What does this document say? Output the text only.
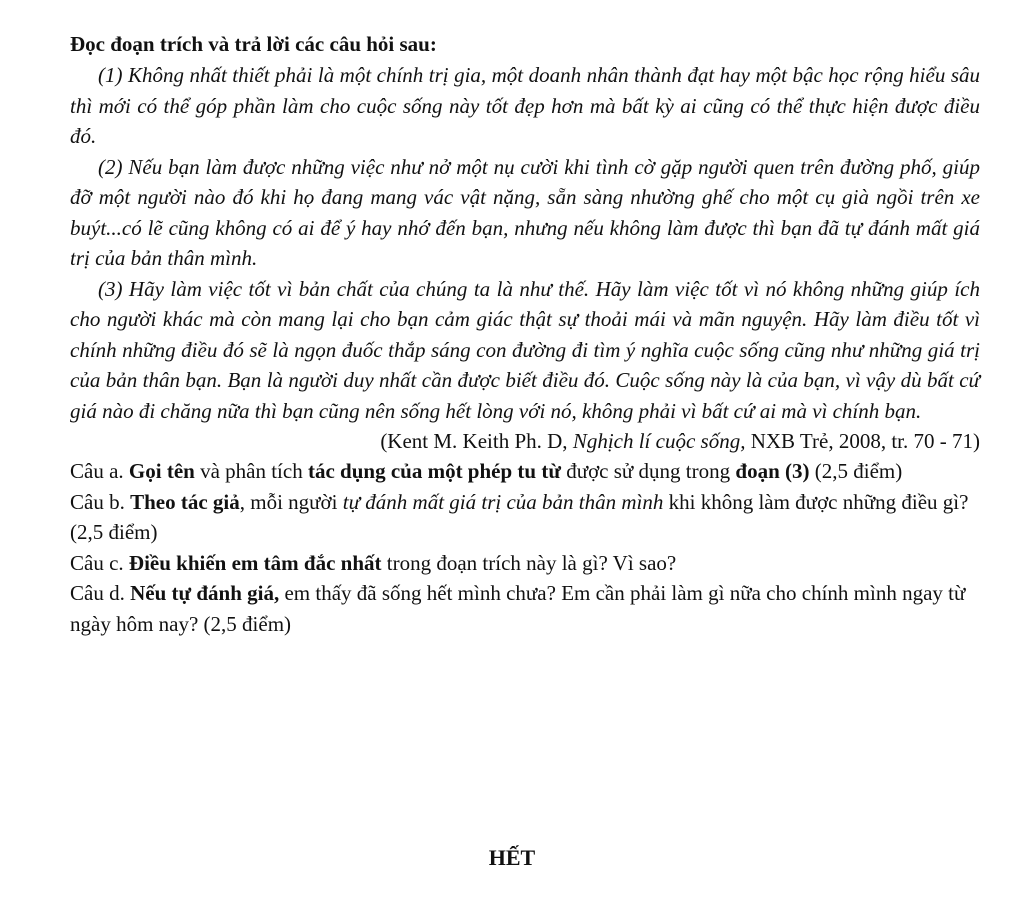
Đọc đoạn trích và trả lời các câu hỏi sau:

(1) Không nhất thiết phải là một chính trị gia, một doanh nhân thành đạt hay một bậc học rộng hiểu sâu thì mới có thể góp phần làm cho cuộc sống này tốt đẹp hơn mà bất kỳ ai cũng có thể thực hiện được điều đó.

(2) Nếu bạn làm được những việc như nở một nụ cười khi tình cờ gặp người quen trên đường phố, giúp đỡ một người nào đó khi họ đang mang vác vật nặng, sẵn sàng nhường ghế cho một cụ già ngồi trên xe buýt...có lẽ cũng không có ai để ý hay nhớ đến bạn, nhưng nếu không làm được thì bạn đã tự đánh mất giá trị của bản thân mình.

(3) Hãy làm việc tốt vì bản chất của chúng ta là như thế. Hãy làm việc tốt vì nó không những giúp ích cho người khác mà còn mang lại cho bạn cảm giác thật sự thoải mái và mãn nguyện. Hãy làm điều tốt vì chính những điều đó sẽ là ngọn đuốc thắp sáng con đường đi tìm ý nghĩa cuộc sống cũng như những giá trị của bản thân bạn. Bạn là người duy nhất cần được biết điều đó. Cuộc sống này là của bạn, vì vậy dù bất cứ giá nào đi chăng nữa thì bạn cũng nên sống hết lòng với nó, không phải vì bất cứ ai mà vì chính bạn.

(Kent M. Keith Ph. D, Nghịch lí cuộc sống, NXB Trẻ, 2008, tr. 70 - 71)

Câu a. Gọi tên và phân tích tác dụng của một phép tu từ được sử dụng trong đoạn (3) (2,5 điểm)

Câu b. Theo tác giả, mỗi người tự đánh mất giá trị của bản thân mình khi không làm được những điều gì? (2,5 điểm)

Câu c. Điều khiến em tâm đắc nhất trong đoạn trích này là gì? Vì sao?

Câu d. Nếu tự đánh giá, em thấy đã sống hết mình chưa? Em cần phải làm gì nữa cho chính mình ngay từ ngày hôm nay? (2,5 điểm)

HẾT
